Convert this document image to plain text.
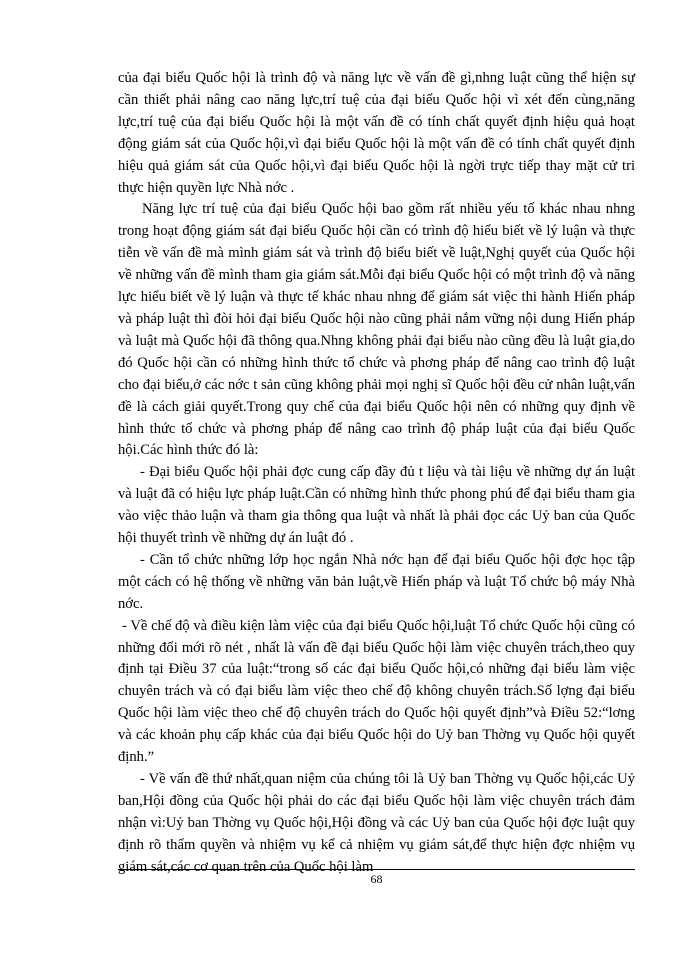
của đại biểu Quốc hội là trình độ và năng lực về vấn đề gì,nhng luật cũng thể hiện sự cần thiết phải nâng cao năng lực,trí tuệ của đại biểu Quốc hội vì xét đến cùng,năng lực,trí tuệ của đại biểu Quốc hội là một vấn đề có tính chất quyết định hiệu quả hoạt động giám sát của Quốc hội,vì đại biểu Quốc hội là một vấn đề có tính chất quyết định hiệu quả giám sát của Quốc hội,vì đại biểu Quốc hội là ngời trực tiếp thay mặt cử tri thực hiện quyền lực Nhà nớc .

Năng lực trí tuệ của đại biểu Quốc hội bao gồm rất nhiều yếu tố khác nhau nhng trong hoạt động giám sát đại biểu Quốc hội cần có trình độ hiểu biết về lý luận và thực tiễn về vấn đề mà mình giám sát và trình độ biểu biết về luật,Nghị quyết của Quốc hội về những vấn đề mình tham gia giám sát.Mỗi đại biểu Quốc hội có một trình độ và năng lực hiểu biết về lý luận và thực tế khác nhau nhng để giám sát việc thi hành Hiến pháp và pháp luật thì đòi hỏi đại biểu Quốc hội nào cũng phải nắm vững nội dung Hiến pháp và luật mà Quốc hội đã thông qua.Nhng không phải đại biểu nào cũng đều là luật gia,do đó Quốc hội cần có những hình thức tổ chức và phơng pháp để nâng cao trình độ luật cho đại biểu,ở các nớc t sản cũng không phải mọi nghị sĩ Quốc hội đều cử nhân luật,vấn đề là cách giải quyết.Trong quy chế của đại biểu Quốc hội nên có những quy định về hình thức tổ chức và phơng pháp để nâng cao trình độ pháp luật của đại biểu Quốc hội.Các hình thức đó là:

- Đại biểu Quốc hội phải đợc cung cấp đầy đủ t liệu và tài liệu về những dự án luật và luật đã có hiệu lực pháp luật.Cần có những hình thức phong phú để đại biểu tham gia vào việc thảo luận và tham gia thông qua luật và nhất là phải đọc các Uỷ ban của Quốc hội thuyết trình về những dự án luật đó .

- Cần tổ chức những lớp học ngắn Nhà nớc hạn để đại biểu Quốc hội đợc học tập một cách có hệ thống về những văn bản luật,về Hiến pháp và luật Tổ chức bộ máy Nhà nớc.

- Về chế độ và điều kiện làm việc của đại biểu Quốc hội,luật Tổ chức Quốc hội cũng có những đổi mới rõ nét , nhất là vấn đề đại biểu Quốc hội làm việc chuyên trách,theo quy định tại Điều 37 của luật:“trong số các đại biểu Quốc hội,có những đại biểu làm việc chuyên trách và có đại biểu làm việc theo chế độ không chuyên trách.Số lợng đại biểu Quốc hội làm việc theo chế độ chuyên trách do Quốc hội quyết định”và Điều 52:“lơng và các khoản phụ cấp khác của đại biểu Quốc hội do Uỷ ban Thờng vụ Quốc hội quyết định.”

- Về vấn đề thứ nhất,quan niệm của chúng tôi là Uỷ ban Thờng vụ Quốc hội,các Uỷ ban,Hội đồng của Quốc hội phải do các đại biểu Quốc hội làm việc chuyên trách đảm nhận vì:Uỷ ban Thờng vụ Quốc hội,Hội đồng và các Uỷ ban của Quốc hội đợc luật quy định rõ thẩm quyền và nhiệm vụ kể cả nhiệm vụ giám sát,để thực hiện đợc nhiệm vụ giám sát,các cơ quan trên của Quốc hội làm

68
